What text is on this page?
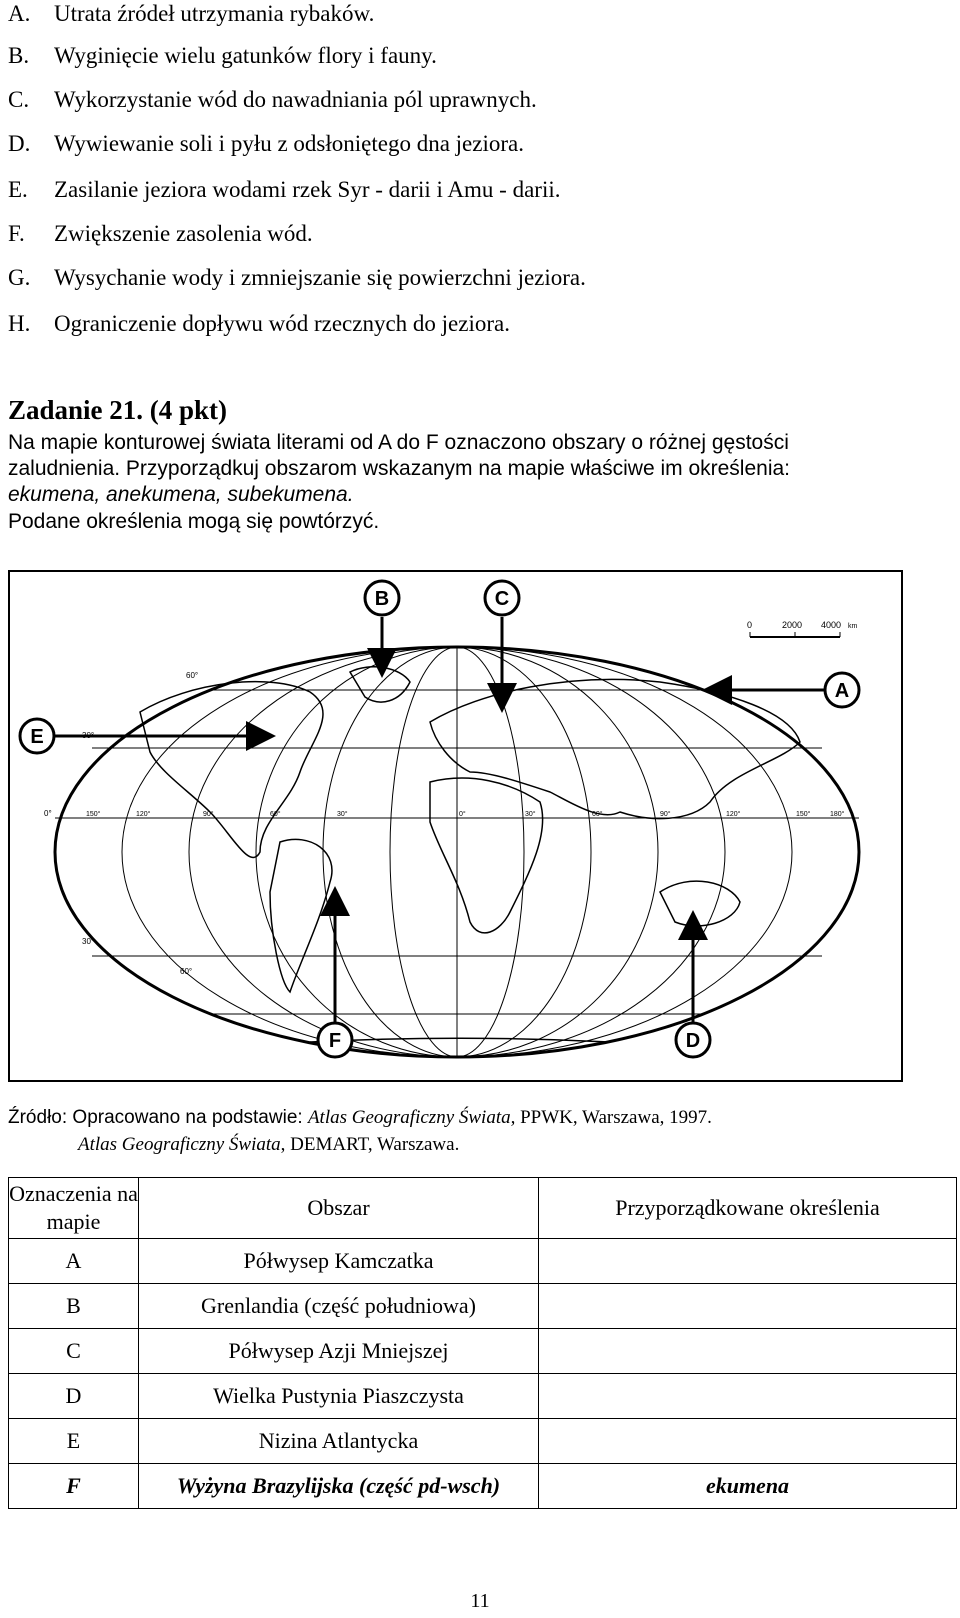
A. Utrata źródeł utrzymania rybaków.
B. Wyginięcie wielu gatunków flory i fauny.
C. Wykorzystanie wód do nawadniania pól uprawnych.
D. Wywiewanie soli i pyłu z odsłoniętego dna jeziora.
E. Zasilanie jeziora wodami rzek Syr - darii i Amu - darii.
F. Zwiększenie zasolenia wód.
G. Wysychanie wody i zmniejszanie się powierzchni jeziora.
H. Ograniczenie dopływu wód rzecznych do jeziora.
Zadanie 21. (4 pkt)
Na mapie konturowej świata literami od A do F oznaczono obszary o różnej gęstości
zaludnienia. Przyporządkuj obszarom wskazanym na mapie właściwe im określenia:
ekumena, anekumena, subekumena.
Podane określenia mogą się powtórzyć.
60°
30°
0°
30°
60°
150°	120°	90°	60°	30°	0°	30°	60°	90°	120°	150°	180°
0	2000 4000 km
B	C
A
E
F	D
Źródło: Opracowano na podstawie: Atlas Geograficzny Świata, PPWK, Warszawa, 1997.
Atlas Geograficzny Świata, DEMART, Warszawa.
Oznaczenia na mapie	Obszar	Przyporządkowane określenia
A	Półwysep Kamczatka	
B	Grenlandia (część południowa)	
C	Półwysep Azji Mniejszej	
D	Wielka Pustynia Piaszczysta	
E	Nizina Atlantycka	
F	Wyżyna Brazylijska (część pd-wsch)	ekumena
11
